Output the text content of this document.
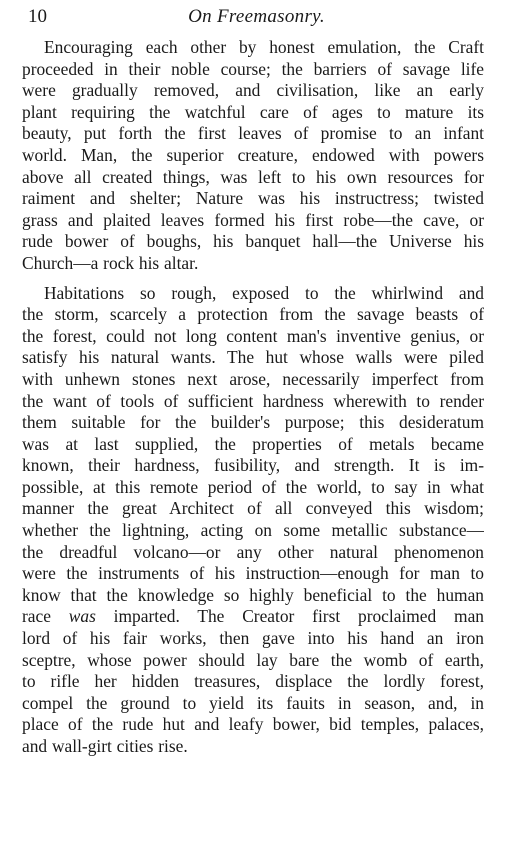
10	On Freemasonry.
Encouraging each other by honest emulation, the Craft
proceeded in their noble course; the barriers of savage life
were gradually removed, and civilisation, like an early
plant requiring the watchful care of ages to mature its
beauty, put forth the first leaves of promise to an infant
world. Man, the superior creature, endowed with powers
above all created things, was left to his own resources for
raiment and shelter; Nature was his instructress; twisted
grass and plaited leaves formed his first robe—the cave, or
rude bower of boughs, his banquet hall—the Universe his
Church—a rock his altar.
Habitations so rough, exposed to the whirlwind and
the storm, scarcely a protection from the savage beasts of
the forest, could not long content man's inventive genius, or
satisfy his natural wants. The hut whose walls were piled
with unhewn stones next arose, necessarily imperfect from
the want of tools of sufficient hardness wherewith to render
them suitable for the builder's purpose; this desideratum
was at last supplied, the properties of metals became
known, their hardness, fusibility, and strength. It is im-
possible, at this remote period of the world, to say in what
manner the great Architect of all conveyed this wisdom;
whether the lightning, acting on some metallic substance—
the dreadful volcano—or any other natural phenomenon
were the instruments of his instruction—enough for man to
know that the knowledge so highly beneficial to the human
race was imparted. The Creator first proclaimed man
lord of his fair works, then gave into his hand an iron
sceptre, whose power should lay bare the womb of earth,
to rifle her hidden treasures, displace the lordly forest,
compel the ground to yield its fauits in season, and, in
place of the rude hut and leafy bower, bid temples, palaces,
and wall-girt cities rise.
